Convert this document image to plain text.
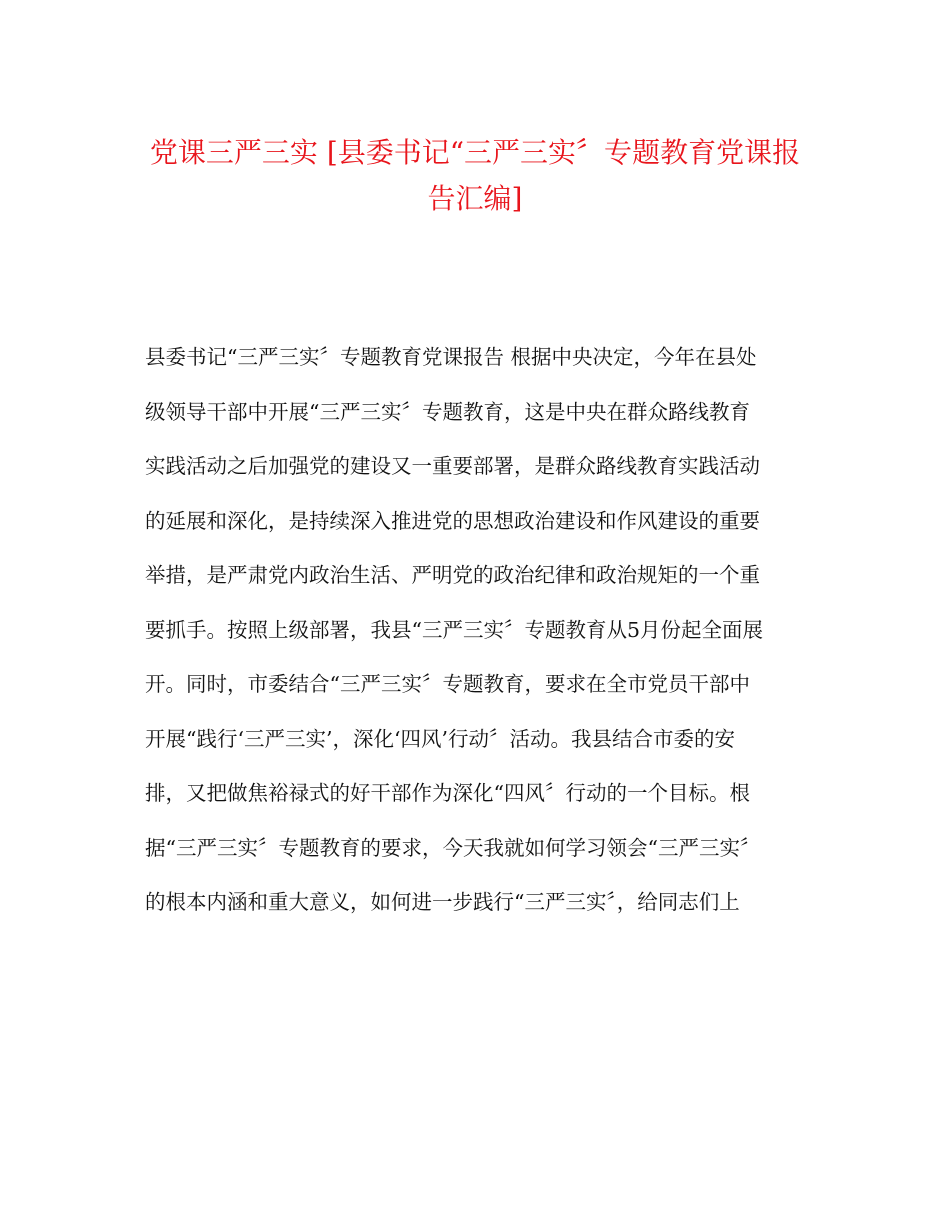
党课三严三实 [县委书记“三严三实〞专题教育党课报
告汇编]
县委书记“三严三实〞专题教育党课报告 根据中央决定，今年在县处
级领导干部中开展“三严三实〞专题教育，这是中央在群众路线教育
实践活动之后加强党的建设又一重要部署，是群众路线教育实践活动
的延展和深化，是持续深入推进党的思想政治建设和作风建设的重要
举措，是严肃党内政治生活、严明党的政治纪律和政治规矩的一个重
要抓手。按照上级部署，我县“三严三实〞专题教育从5月份起全面展
开。同时，市委结合“三严三实〞专题教育，要求在全市党员干部中
开展“践行‘三严三实’，深化‘四风’行动〞活动。我县结合市委的安
排，又把做焦裕禄式的好干部作为深化“四风〞行动的一个目标。根
据“三严三实〞专题教育的要求，今天我就如何学习领会“三严三实〞
的根本内涵和重大意义，如何进一步践行“三严三实〞，给同志们上
